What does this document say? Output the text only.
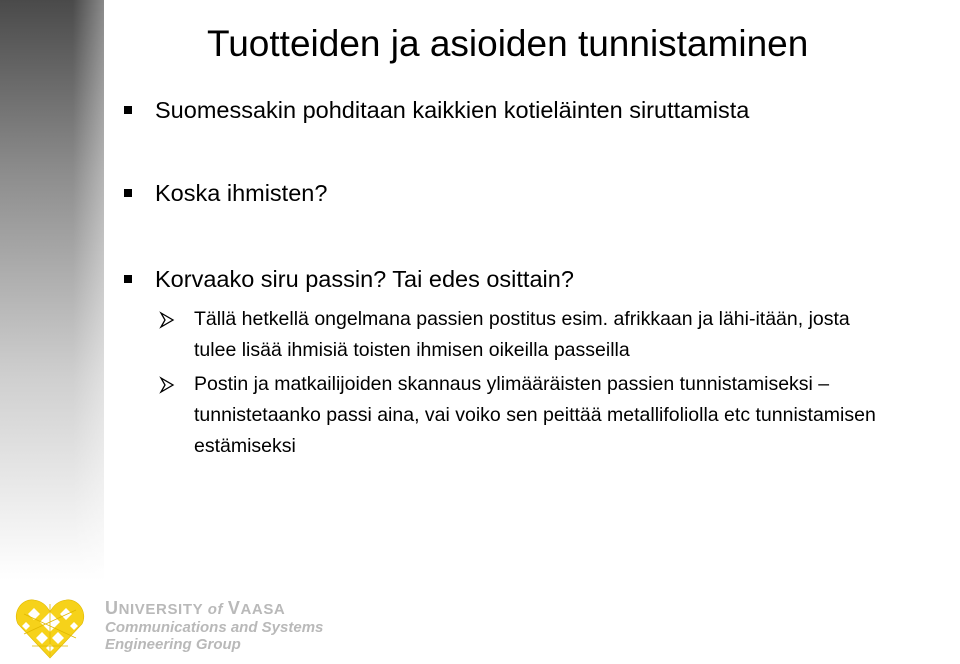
Tuotteiden ja asioiden tunnistaminen
Suomessakin pohditaan kaikkien kotieläinten siruttamista
Koska ihmisten?
Korvaako siru passin? Tai edes osittain?
Tällä hetkellä ongelmana passien postitus esim. afrikkaan ja lähi-itään, josta tulee lisää ihmisiä toisten ihmisen oikeilla passeilla
Postin ja matkailijoiden skannaus ylimääräisten passien tunnistamiseksi – tunnistetaanko passi aina, vai voiko sen peittää metallifoliolla etc tunnistamisen estämiseksi
UNIVERSITY of VAASA
Communications and Systems
Engineering Group
